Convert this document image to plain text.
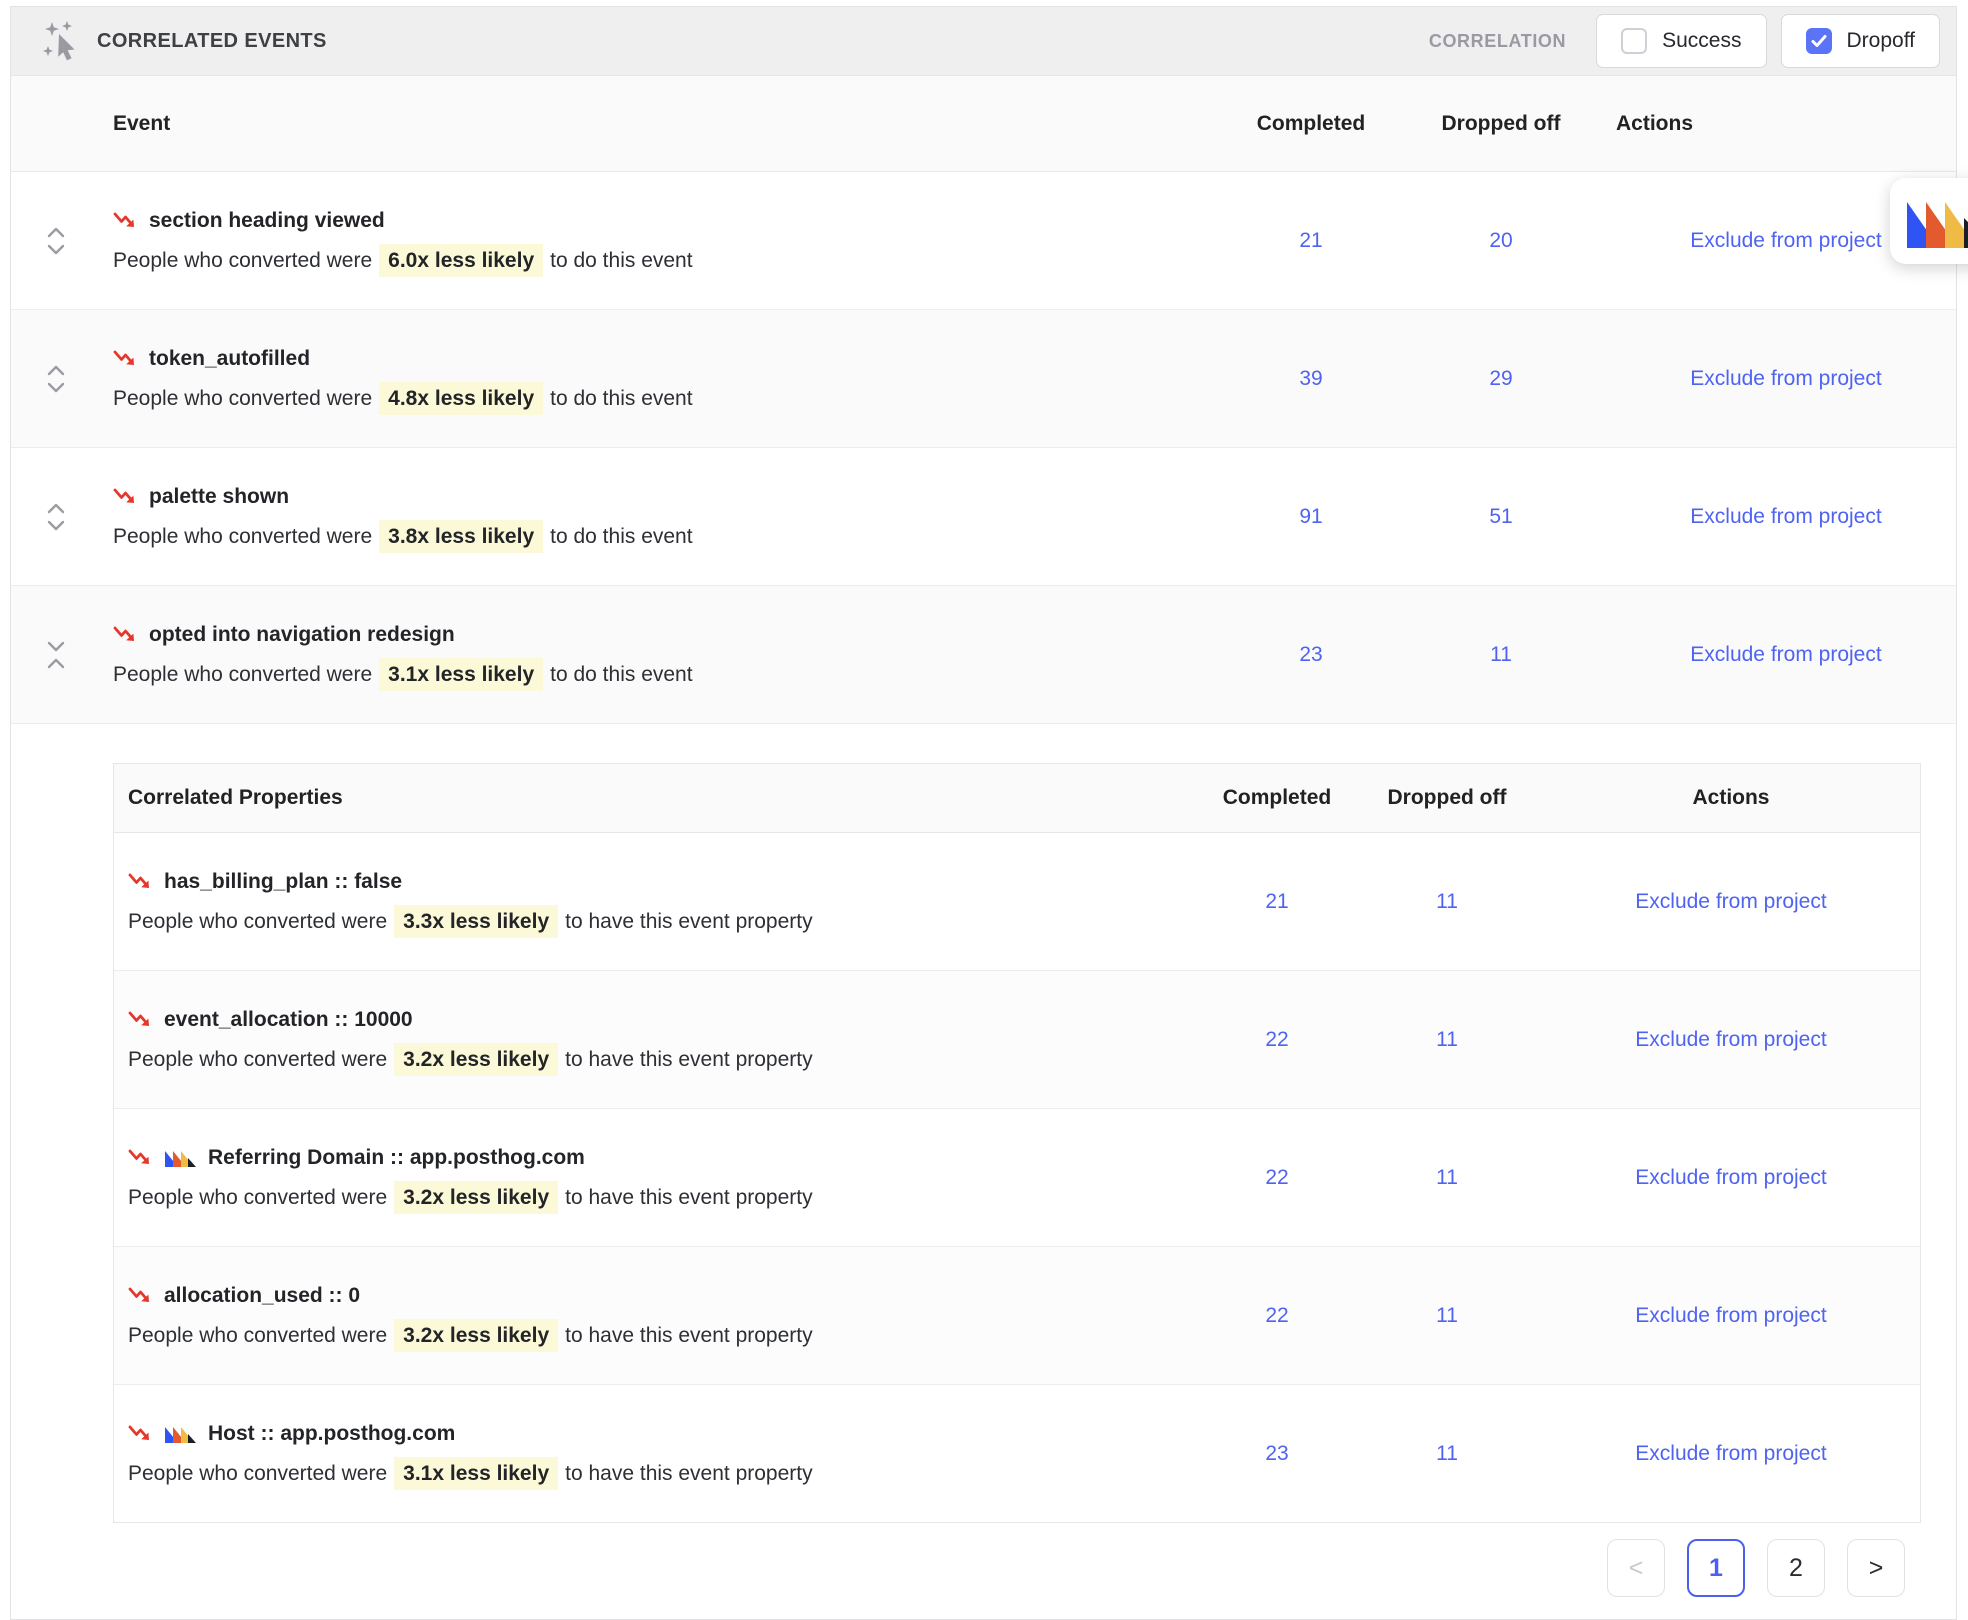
CORRELATED EVENTS	CORRELATION	Success	Dropoff
Event	Completed	Dropped off	Actions
section heading viewed
People who converted were 6.0x less likely to do this event
21	20	Exclude from project
token_autofilled
People who converted were 4.8x less likely to do this event
39	29	Exclude from project
palette shown
People who converted were 3.8x less likely to do this event
91	51	Exclude from project
opted into navigation redesign
People who converted were 3.1x less likely to do this event
23	11	Exclude from project
Correlated Properties	Completed	Dropped off	Actions
has_billing_plan :: false
People who converted were 3.3x less likely to have this event property
21	11	Exclude from project
event_allocation :: 10000
People who converted were 3.2x less likely to have this event property
22	11	Exclude from project
Referring Domain :: app.posthog.com
People who converted were 3.2x less likely to have this event property
22	11	Exclude from project
allocation_used :: 0
People who converted were 3.2x less likely to have this event property
22	11	Exclude from project
Host :: app.posthog.com
People who converted were 3.1x less likely to have this event property
23	11	Exclude from project
<	1	2	>
